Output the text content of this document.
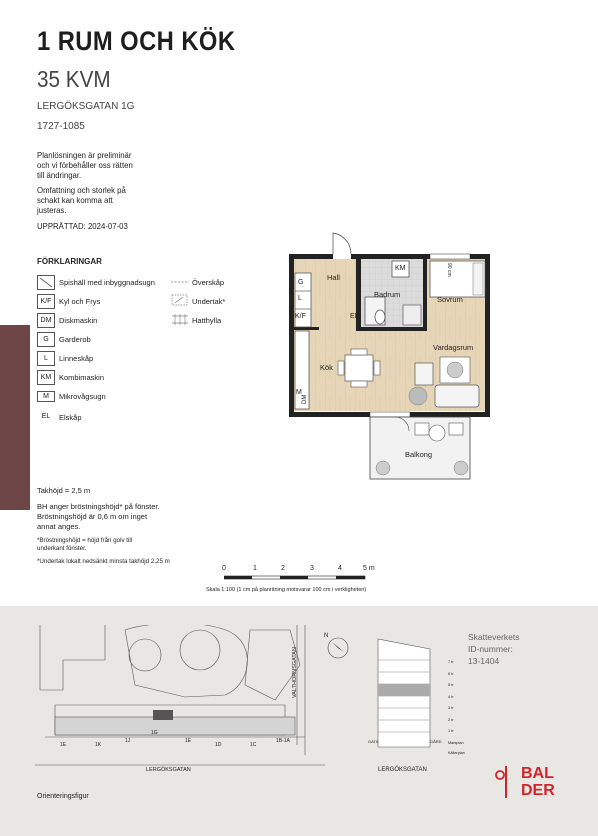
1 RUM OCH KÖK
35 KVM
LERGÖKSGATAN 1G
1727-1085
Planlösningen är preliminär
och vi förbehåller oss rätten
till ändringar.
Omfattning och storlek på
schakt kan komma att
justeras.
UPPRÄTTAD: 2024-07-03
FÖRKLARINGAR
Spishäll med inbyggnadsugn
K/F	Kyl och Frys
DM	Diskmaskin
G	Garderob
L	Linneskåp
KM	Kombimaskin
M	Mikrovågsugn
EL	Elskåp
Överskåp
Undertak*
Hatthylla
Takhöjd = 2,5 m
BH anger bröstningshöjd* på fönster.
Bröstningshöjd är 0,6 m om inget
annat anges.
*Bröstningshöjd = höjd från golv till
underkant fönster.
*Undertak lokalt nedsänkt minsta takhöjd 2,25 m
Hall
Badrum
Sovrum
Vardagsrum
Kök
Balkong
G
L
K/F
KM
EL
M
DM
90 cm
0	1	2	3	4	5 m
Skala 1:100 (1 cm på planritning motsvarar 100 cm i verkligheten)
VALTHORNSGATAN
LERGÖKSGATAN
1G
1E	1K
1J	1E
1D	1C
1B-1A
Orienteringsfigur
N
7 tr
6 tr
5 tr
4 tr
3 tr
2 tr
1 tr
Markplan
Källarplan
GATA	GÅRD
LERGÖKSGATAN
Skatteverkets
ID-nummer:
13-1404
BAL
DER
